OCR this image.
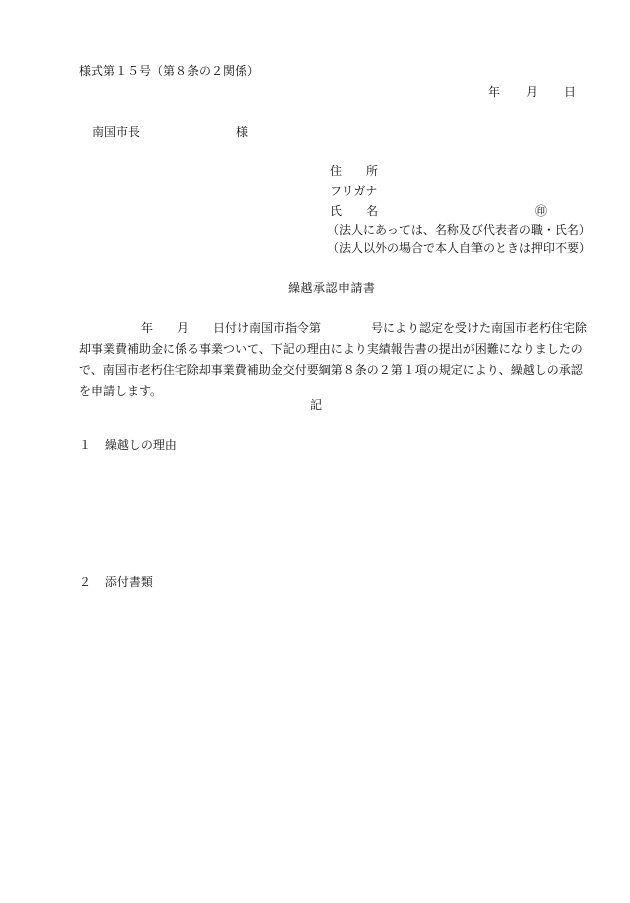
様式第１５号（第８条の２関係）
年 月 日
南国市長	様
住　　所
フリガナ
氏　　名	㊞
（法人にあっては、名称及び代表者の職・氏名）
（法人以外の場合で本人自筆のときは押印不要）
繰越承認申請書
年 月 日付け南国市指令第	号により認定を受けた南国市老朽住宅除
却事業費補助金に係る事業ついて、下記の理由により実績報告書の提出が困難になりましたの
で、南国市老朽住宅除却事業費補助金交付要綱第８条の２第１項の規定により、繰越しの承認
を申請します。
記
１ 繰越しの理由
２ 添付書類
